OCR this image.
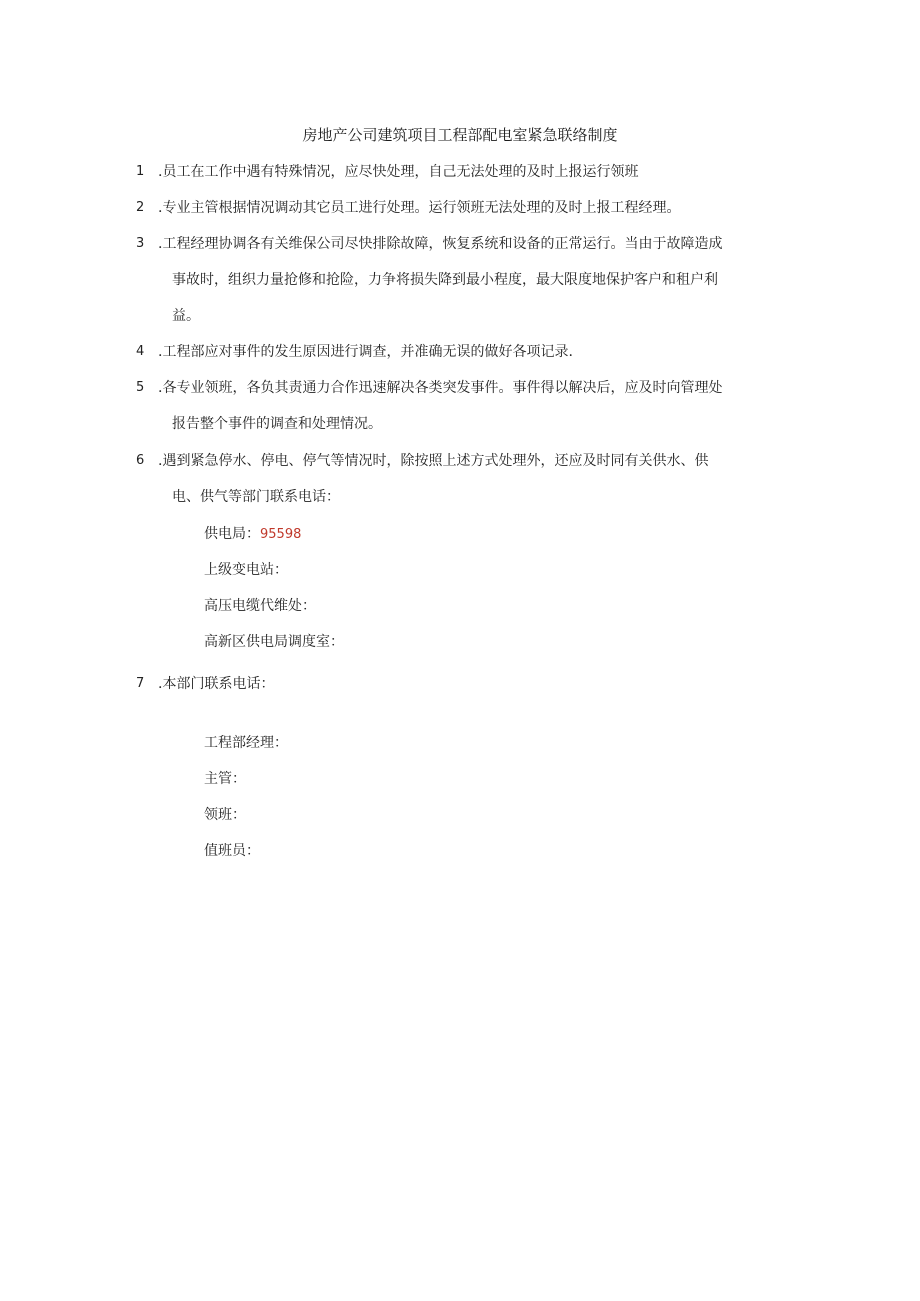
房地产公司建筑项目工程部配电室紧急联络制度
1 .员工在工作中遇有特殊情况，应尽快处理，自己无法处理的及时上报运行领班
2 .专业主管根据情况调动其它员工进行处理。运行领班无法处理的及时上报工程经理。
3 .工程经理协调各有关维保公司尽快排除故障，恢复系统和设备的正常运行。当由于故障造成
事故时，组织力量抢修和抢险，力争将损失降到最小程度，最大限度地保护客户和租户利
益。
4 .工程部应对事件的发生原因进行调查，并准确无误的做好各项记录.
5 .各专业领班，各负其责通力合作迅速解决各类突发事件。事件得以解决后，应及时向管理处
报告整个事件的调查和处理情况。
6 .遇到紧急停水、停电、停气等情况时，除按照上述方式处理外，还应及时同有关供水、供
电、供气等部门联系电话：
供电局：95598
上级变电站：
高压电缆代维处：
高新区供电局调度室：
7 .本部门联系电话：
工程部经理：
主管：
领班：
值班员：
